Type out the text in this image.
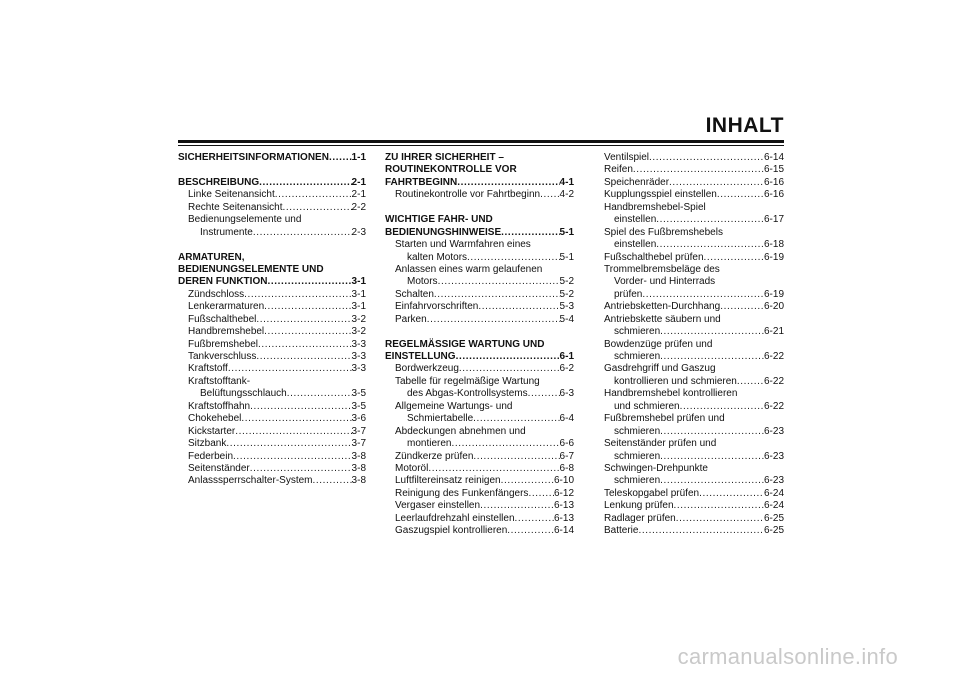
INHALT
SICHERHEITSINFORMATIONEN ..... 1-1
BESCHREIBUNG .....	2-1
Linke Seitenansicht .....	2-1
Rechte Seitenansicht .....	2-2
Bedienungselemente und
Instrumente .....	2-3
ARMATUREN,
BEDIENUNGSELEMENTE UND
DEREN FUNKTION .....	3-1
Zündschloss .....	3-1
Lenkerarmaturen .....	3-1
Fußschalthebel .....	3-2
Handbremshebel .....	3-2
Fußbremshebel .....	3-3
Tankverschluss .....	3-3
Kraftstoff .....	3-3
Kraftstofftank-
Belüftungsschlauch .....	3-5
Kraftstoffhahn .....	3-5
Chokehebel .....	3-6
Kickstarter .....	3-7
Sitzbank .....	3-7
Federbein .....	3-8
Seitenständer .....	3-8
Anlasssperrschalter-System .....	3-8
ZU IHRER SICHERHEIT –
ROUTINEKONTROLLE VOR
FAHRTBEGINN .....	4-1
Routinekontrolle vor Fahrtbeginn ..... 4-2
WICHTIGE FAHR- UND
BEDIENUNGSHINWEISE .....	5-1
Starten und Warmfahren eines
kalten Motors .....	5-1
Anlassen eines warm gelaufenen
Motors .....	5-2
Schalten .....	5-2
Einfahrvorschriften .....	5-3
Parken .....	5-4
REGELMÄSSIGE WARTUNG UND
EINSTELLUNG .....	6-1
Bordwerkzeug .....	6-2
Tabelle für regelmäßige Wartung
des Abgas-Kontrollsystems .....	6-3
Allgemeine Wartungs- und
Schmiertabelle .....	6-4
Abdeckungen abnehmen und
montieren .....	6-6
Zündkerze prüfen .....	6-7
Motoröl .....	6-8
Luftfiltereinsatz reinigen .....	6-10
Reinigung des Funkenfängers .....	6-12
Vergaser einstellen .....	6-13
Leerlaufdrehzahl einstellen .....	6-13
Gaszugspiel kontrollieren .....	6-14
Ventilspiel .....	6-14
Reifen .....	6-15
Speichenräder .....	6-16
Kupplungsspiel einstellen .....	6-16
Handbremshebel-Spiel
einstellen .....	6-17
Spiel des Fußbremshebels
einstellen .....	6-18
Fußschalthebel prüfen .....	6-19
Trommelbremsbeläge des
Vorder- und Hinterrads
prüfen .....	6-19
Antriebsketten-Durchhang .....	6-20
Antriebskette säubern und
schmieren .....	6-21
Bowdenzüge prüfen und
schmieren .....	6-22
Gasdrehgriff und Gaszug
kontrollieren und schmieren .....	6-22
Handbremshebel kontrollieren
und schmieren .....	6-22
Fußbremshebel prüfen und
schmieren .....	6-23
Seitenständer prüfen und
schmieren .....	6-23
Schwingen-Drehpunkte
schmieren .....	6-23
Teleskopgabel prüfen .....	6-24
Lenkung prüfen .....	6-24
Radlager prüfen .....	6-25
Batterie .....	6-25
carmanualsonline.info
